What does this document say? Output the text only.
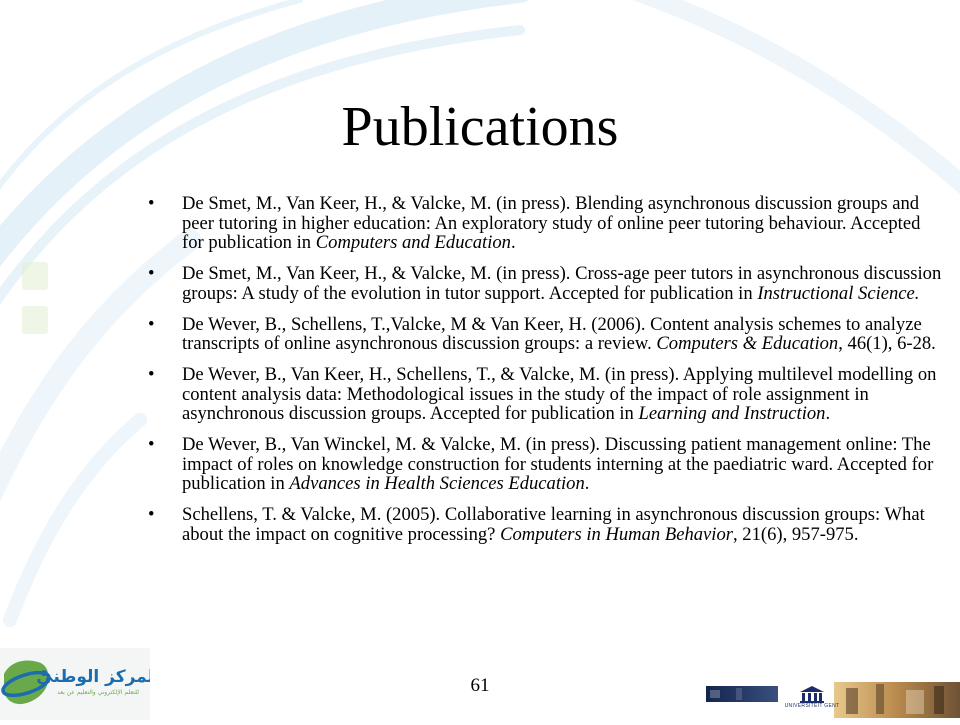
Publications
• De Smet, M., Van Keer, H., & Valcke, M. (in press). Blending asynchronous discussion groups and peer tutoring in higher education: An exploratory study of online peer tutoring behaviour. Accepted for publication in Computers and Education.
• De Smet, M., Van Keer, H., & Valcke, M. (in press). Cross-age peer tutors in asynchronous discussion groups: A study of the evolution in tutor support. Accepted for publication in Instructional Science.
• De Wever, B., Schellens, T.,Valcke, M & Van Keer, H. (2006). Content analysis schemes to analyze transcripts of online asynchronous discussion groups: a review. Computers & Education, 46(1), 6-28.
• De Wever, B., Van Keer, H., Schellens, T., & Valcke, M. (in press). Applying multilevel modelling on content analysis data: Methodological issues in the study of the impact of role assignment in asynchronous discussion groups. Accepted for publication in Learning and Instruction.
• De Wever, B., Van Winckel, M. & Valcke, M. (in press). Discussing patient management online: The impact of roles on knowledge construction for students interning at the paediatric ward. Accepted for publication in Advances in Health Sciences Education.
• Schellens, T. & Valcke, M. (2005). Collaborative learning in asynchronous discussion groups: What about the impact on cognitive processing? Computers in Human Behavior, 21(6), 957-975.
61
المركز الوطني
للتعلم الإلكتروني والتعليم عن بعد
UNIVERSITEIT GENT
